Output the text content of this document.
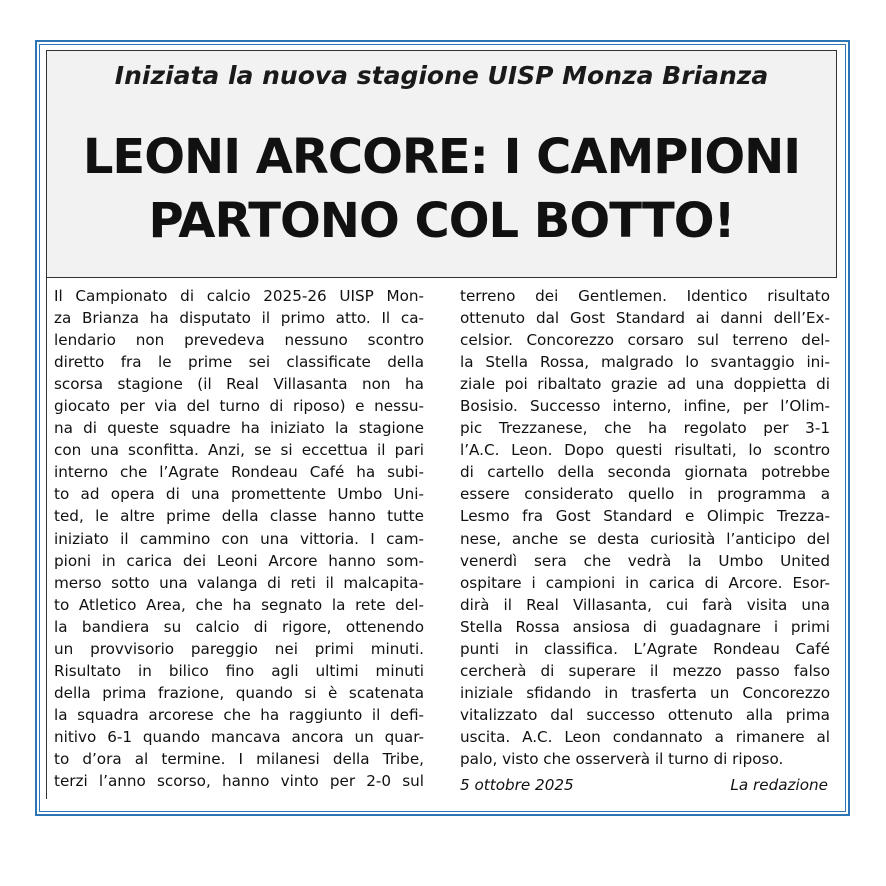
Iniziata la nuova stagione UISP Monza Brianza
LEONI ARCORE: I CAMPIONI
PARTONO COL BOTTO!
Il Campionato di calcio 2025-26 UISP Mon-
za Brianza ha disputato il primo atto. Il ca-
lendario non prevedeva nessuno scontro
diretto fra le prime sei classificate della
scorsa stagione (il Real Villasanta non ha
giocato per via del turno di riposo) e nessu-
na di queste squadre ha iniziato la stagione
con una sconfitta. Anzi, se si eccettua il pari
interno che l’Agrate Rondeau Café ha subi-
to ad opera di una promettente Umbo Uni-
ted, le altre prime della classe hanno tutte
iniziato il cammino con una vittoria. I cam-
pioni in carica dei Leoni Arcore hanno som-
merso sotto una valanga di reti il malcapita-
to Atletico Area, che ha segnato la rete del-
la bandiera su calcio di rigore, ottenendo
un provvisorio pareggio nei primi minuti.
Risultato in bilico fino agli ultimi minuti
della prima frazione, quando si è scatenata
la squadra arcorese che ha raggiunto il defi-
nitivo 6-1 quando mancava ancora un quar-
to d’ora al termine. I milanesi della Tribe,
terzi l’anno scorso, hanno vinto per 2-0 sul
terreno dei Gentlemen. Identico risultato
ottenuto dal Gost Standard ai danni dell’Ex-
celsior. Concorezzo corsaro sul terreno del-
la Stella Rossa, malgrado lo svantaggio ini-
ziale poi ribaltato grazie ad una doppietta di
Bosisio. Successo interno, infine, per l’Olim-
pic Trezzanese, che ha regolato per 3-1
l’A.C. Leon. Dopo questi risultati, lo scontro
di cartello della seconda giornata potrebbe
essere considerato quello in programma a
Lesmo fra Gost Standard e Olimpic Trezza-
nese, anche se desta curiosità l’anticipo del
venerdì sera che vedrà la Umbo United
ospitare i campioni in carica di Arcore. Esor-
dirà il Real Villasanta, cui farà visita una
Stella Rossa ansiosa di guadagnare i primi
punti in classifica. L’Agrate Rondeau Café
cercherà di superare il mezzo passo falso
iniziale sfidando in trasferta un Concorezzo
vitalizzato dal successo ottenuto alla prima
uscita. A.C. Leon condannato a rimanere al
palo, visto che osserverà il turno di riposo.
5 ottobre 2025	La redazione
